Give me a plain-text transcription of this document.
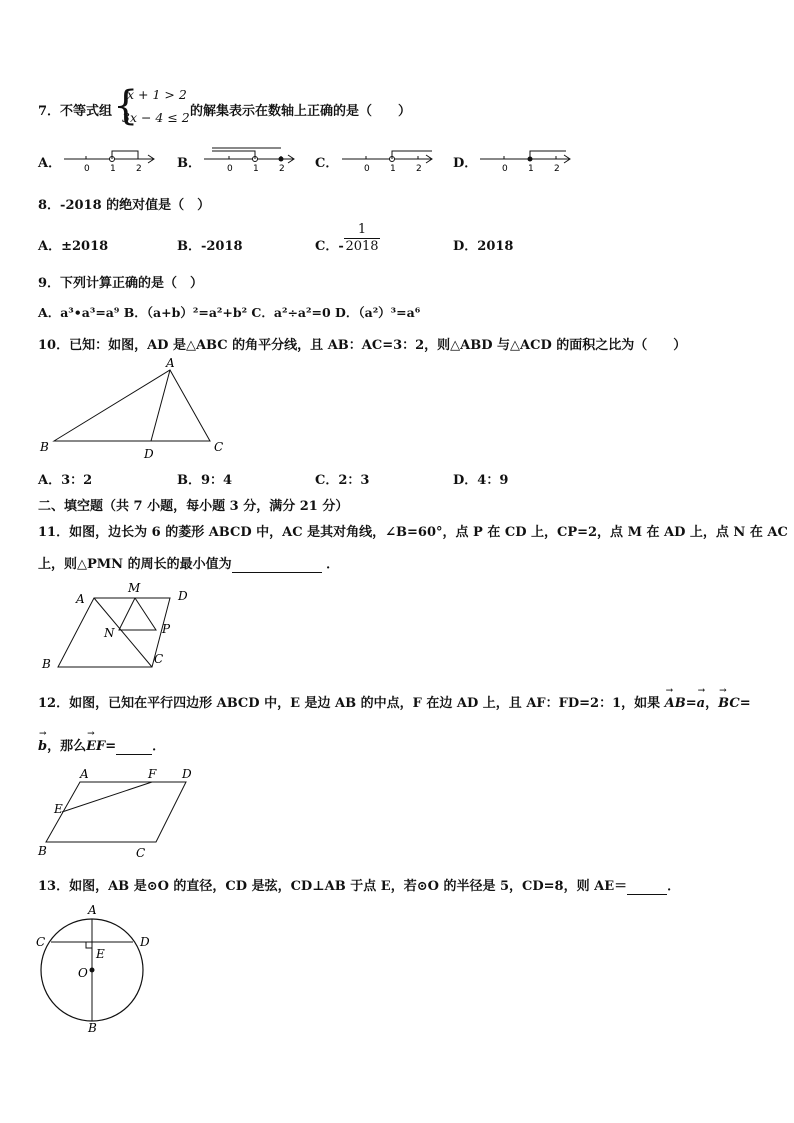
7．不等式组 {
x + 1 > 2
3x − 4 ≤ 2 的解集表示在数轴上正确的是（　　）
A．	B．	C．	D．
0 1 2	0 1 2	0 1 2	0 1 2
8．-2018 的绝对值是（　）
A．±2018	B．-2018	C．- $\frac{1}{2018}$	D．2018
9．下列计算正确的是（　）
A．a³•a³=a⁹ B．（a+b）²=a²+b² C．a²÷a²=0 D．（a²）³=a⁶
10．已知：如图，AD 是△ABC 的角平分线，且 AB：AC=3：2，则△ABD 与△ACD 的面积之比为（　　）
A
B	C
D
A．3：2	B．9：4	C．2：3	D．4：9
二、填空题（共 7 小题，每小题 3 分，满分 21 分）
11．如图，边长为 6 的菱形 ABCD 中，AC 是其对角线，∠B=60°，点 P 在 CD 上，CP=2，点 M 在 AD 上，点 N 在 AC
上，则△PMN 的周长的最小值为	．
A
M
D
N	P
B	C
12．如图，已知在平行四边形 ABCD 中，E 是边 AB 的中点，F 在边 AD 上，且 AF：FD=2：1，如果 → AB=→ a，→ BC=
→ b，那么→ EF=	．
A	F D
E
B	C
13．如图，AB 是⊙O 的直径，CD 是弦，CD⊥AB 于点 E，若⊙O 的半径是 5，CD=8，则 AE＝	．
A
C	D
E
O
B
